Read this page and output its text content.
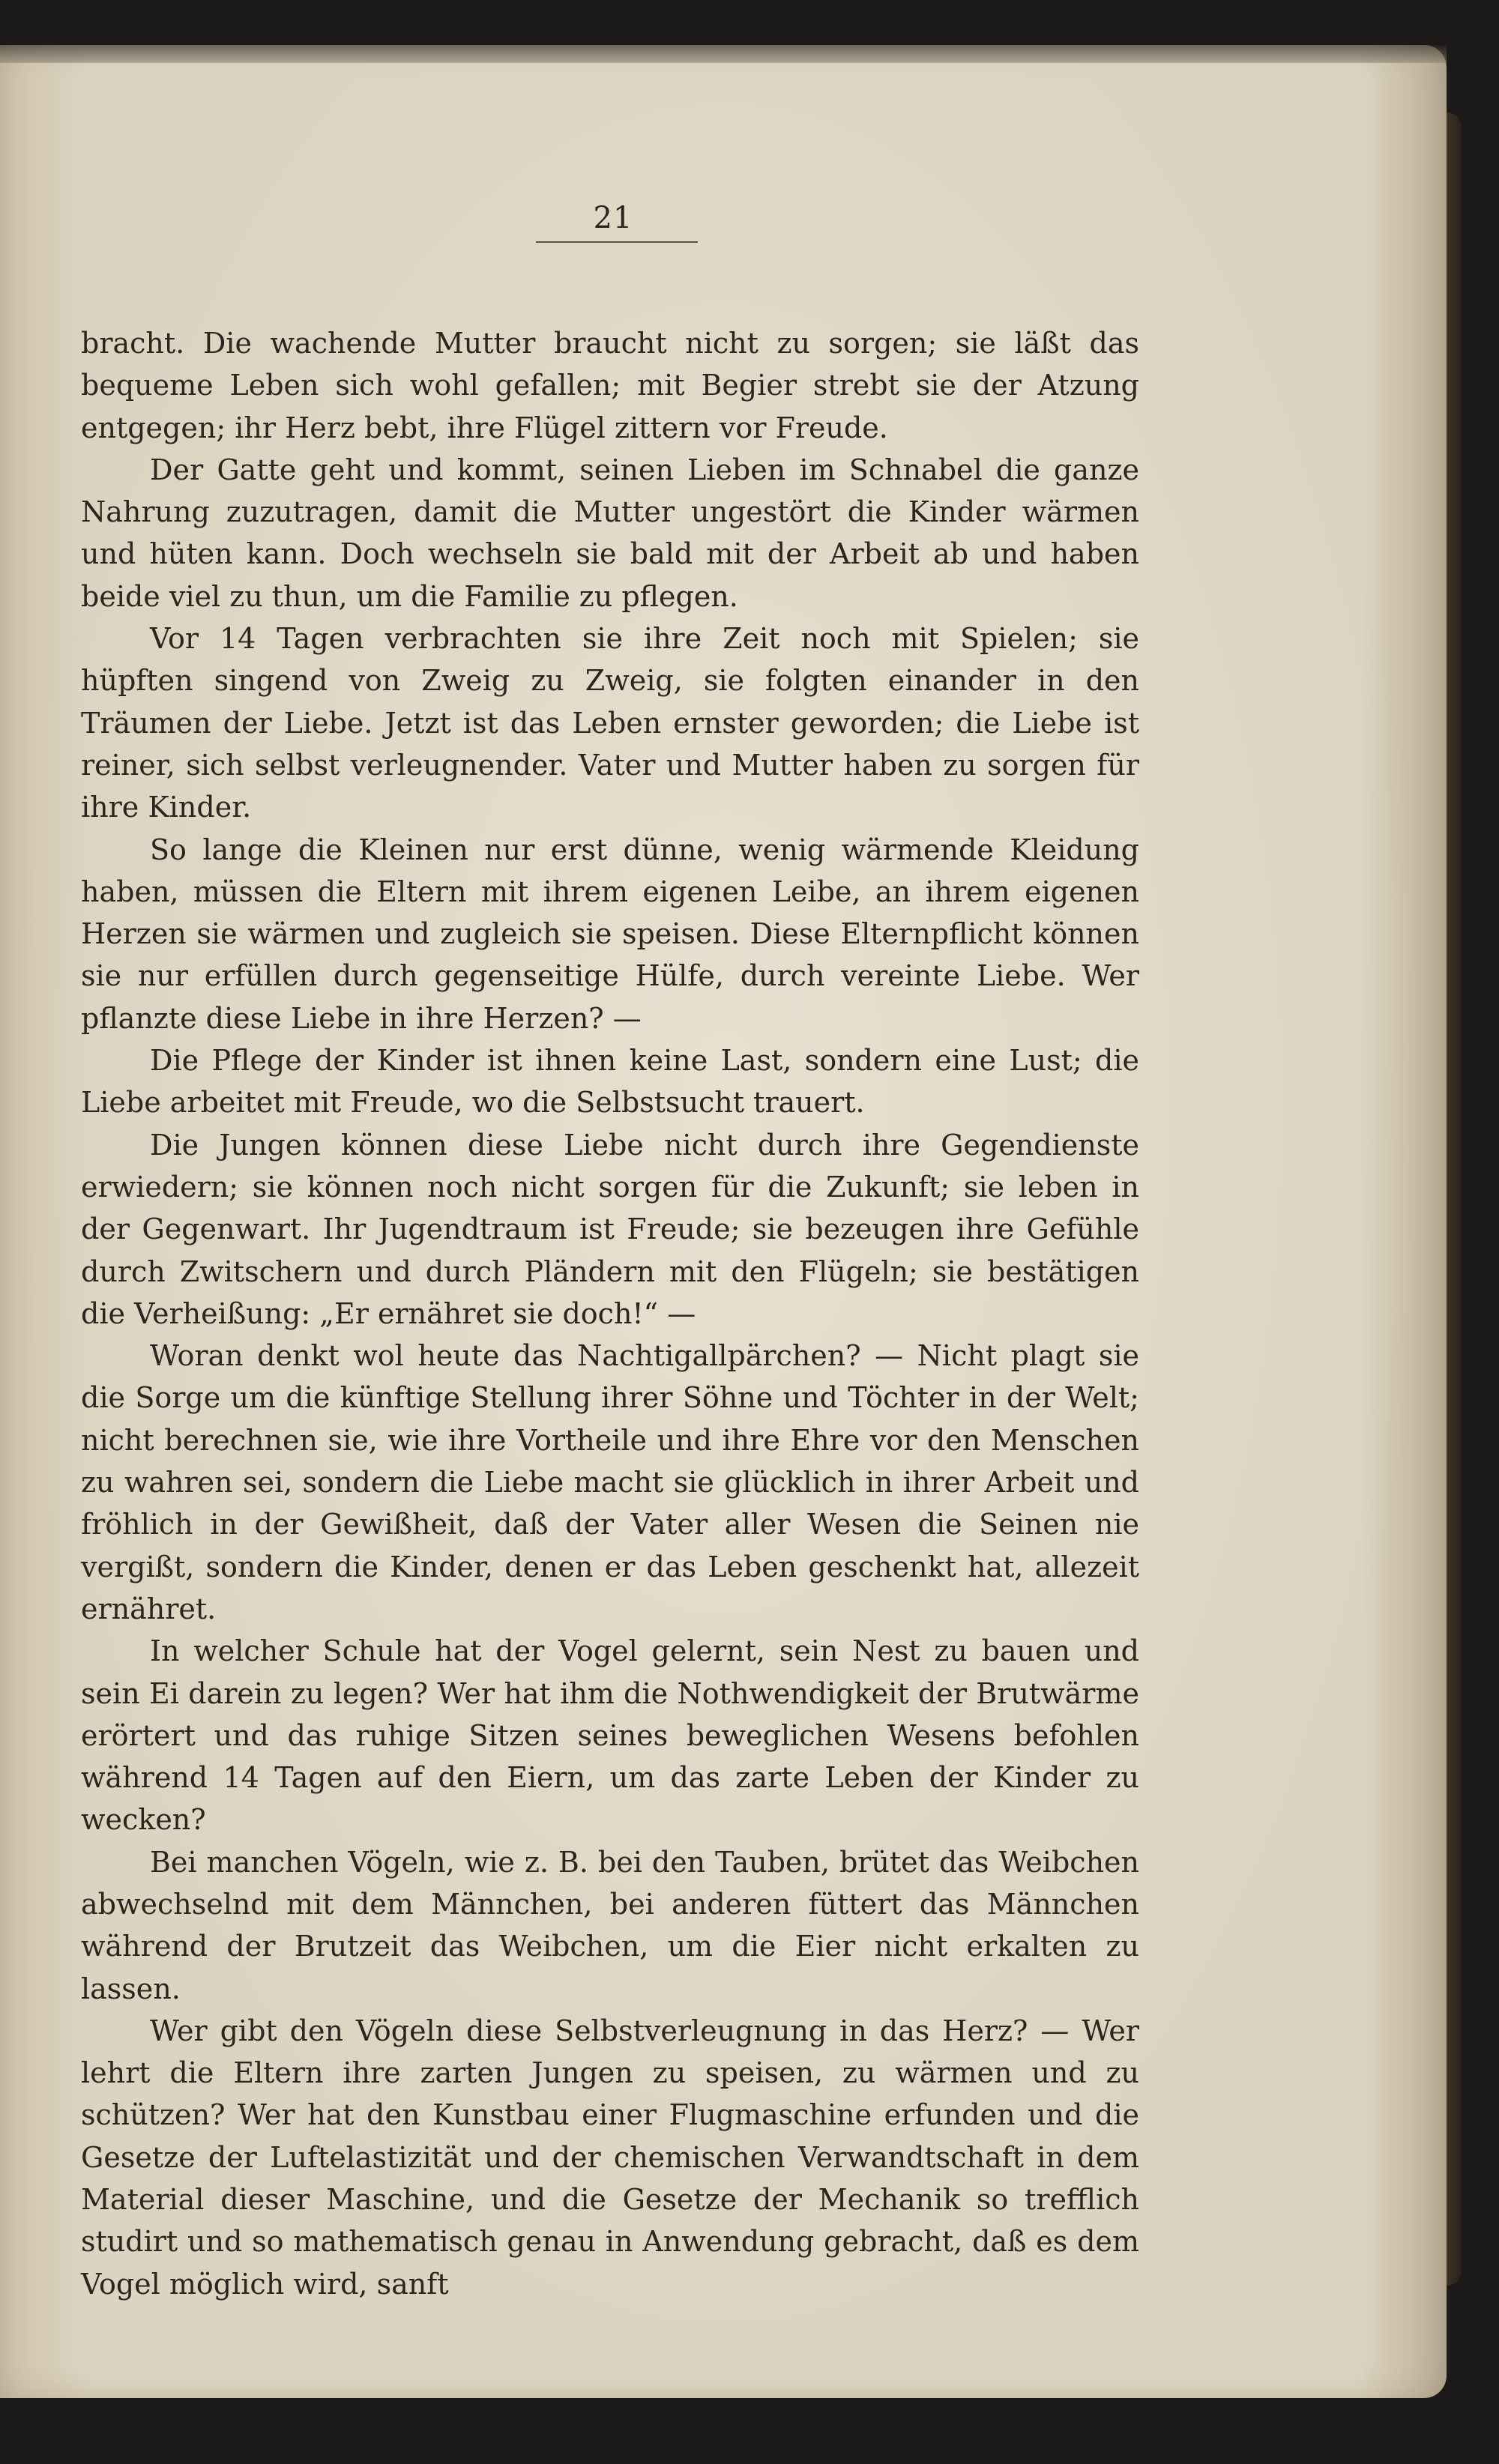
21

bracht. Die wachende Mutter braucht nicht zu sorgen; sie läßt das bequeme Leben sich wohl gefallen; mit Begier strebt sie der Atzung entgegen; ihr Herz bebt, ihre Flügel zittern vor Freude.

Der Gatte geht und kommt, seinen Lieben im Schnabel die ganze Nahrung zuzutragen, damit die Mutter ungestört die Kinder wärmen und hüten kann. Doch wechseln sie bald mit der Arbeit ab und haben beide viel zu thun, um die Familie zu pflegen.

Vor 14 Tagen verbrachten sie ihre Zeit noch mit Spielen; sie hüpften singend von Zweig zu Zweig, sie folgten einander in den Träumen der Liebe. Jetzt ist das Leben ernster geworden; die Liebe ist reiner, sich selbst verleugnender. Vater und Mutter haben zu sorgen für ihre Kinder.

So lange die Kleinen nur erst dünne, wenig wärmende Kleidung haben, müssen die Eltern mit ihrem eigenen Leibe, an ihrem eigenen Herzen sie wärmen und zugleich sie speisen. Diese Elternpflicht können sie nur erfüllen durch gegenseitige Hülfe, durch vereinte Liebe. Wer pflanzte diese Liebe in ihre Herzen? —

Die Pflege der Kinder ist ihnen keine Last, sondern eine Lust; die Liebe arbeitet mit Freude, wo die Selbstsucht trauert.

Die Jungen können diese Liebe nicht durch ihre Gegendienste erwiedern; sie können noch nicht sorgen für die Zukunft; sie leben in der Gegenwart. Ihr Jugendtraum ist Freude; sie bezeugen ihre Gefühle durch Zwitschern und durch Pländern mit den Flügeln; sie bestätigen die Verheißung: „Er ernähret sie doch!“ —

Woran denkt wol heute das Nachtigallpärchen? — Nicht plagt sie die Sorge um die künftige Stellung ihrer Söhne und Töchter in der Welt; nicht berechnen sie, wie ihre Vortheile und ihre Ehre vor den Menschen zu wahren sei, sondern die Liebe macht sie glücklich in ihrer Arbeit und fröhlich in der Gewißheit, daß der Vater aller Wesen die Seinen nie vergißt, sondern die Kinder, denen er das Leben geschenkt hat, allezeit ernähret.

In welcher Schule hat der Vogel gelernt, sein Nest zu bauen und sein Ei darein zu legen? Wer hat ihm die Nothwendigkeit der Brutwärme erörtert und das ruhige Sitzen seines beweglichen Wesens befohlen während 14 Tagen auf den Eiern, um das zarte Leben der Kinder zu wecken?

Bei manchen Vögeln, wie z. B. bei den Tauben, brütet das Weibchen abwechselnd mit dem Männchen, bei anderen füttert das Männchen während der Brutzeit das Weibchen, um die Eier nicht erkalten zu lassen.

Wer gibt den Vögeln diese Selbstverleugnung in das Herz? — Wer lehrt die Eltern ihre zarten Jungen zu speisen, zu wärmen und zu schützen? Wer hat den Kunstbau einer Flugmaschine erfunden und die Gesetze der Luftelastizität und der chemischen Verwandtschaft in dem Material dieser Maschine, und die Gesetze der Mechanik so trefflich studirt und so mathematisch genau in Anwendung gebracht, daß es dem Vogel möglich wird, sanft
